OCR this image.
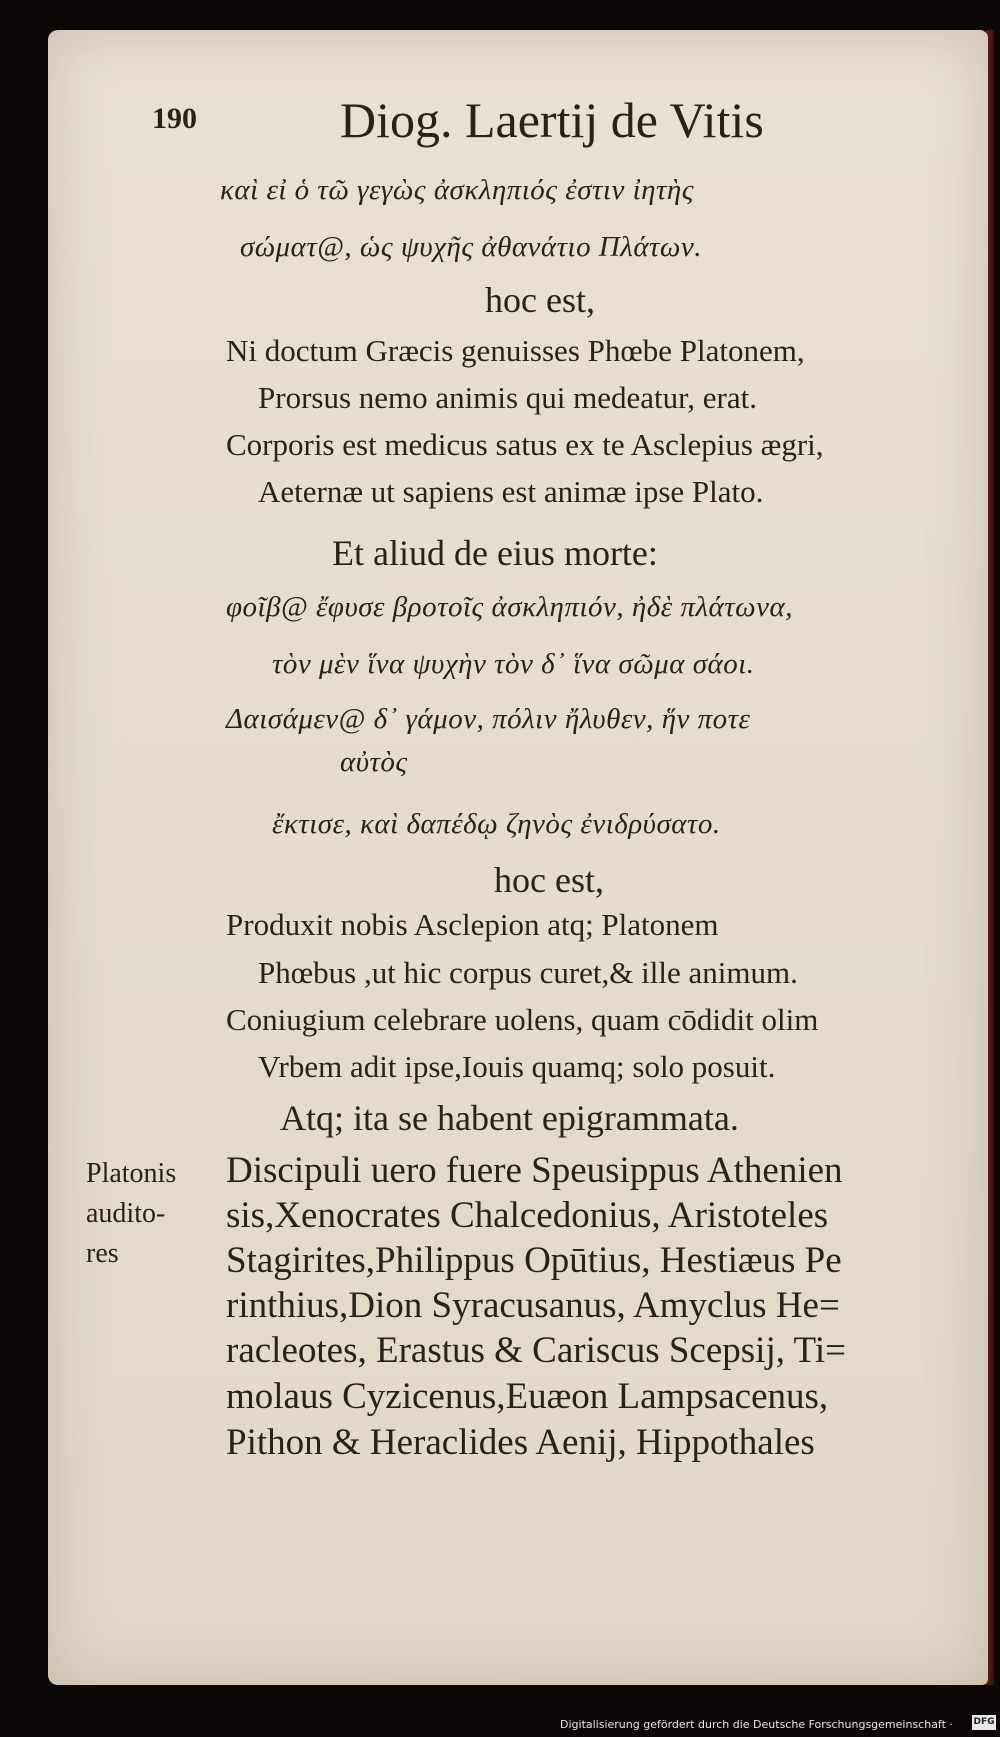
190	Diog. Laertij de Vitis
καὶ εἰ ὁ τῶ γεγὼς ἀσκληπιός ἐστιν ἰητὴς
σώματ@, ὡς ψυχῆς ἀθανάτιο Πλάτων.
hoc est,
Ni doctum Græcis genuisses Phœbe Platonem,
Prorsus nemo animis qui medeatur, erat.
Corporis est medicus satus ex te Asclepius ægri,
Aeternæ ut sapiens est animæ ipse Plato.
Et aliud de eius morte:
φοῖβ@ ἔφυσε βροτοῖς ἀσκληπιόν, ἠδὲ πλάτωνα,
τὸν μὲν ἵνα ψυχὴν τὸν δ᾽ ἵνα σῶμα σάοι.
Δαισάμεν@ δ᾽ γάμον, πόλιν ἤλυθεν, ἥν ποτε
αὐτὸς
ἔκτισε, καὶ δαπέδῳ ζηνὸς ἐνιδρύσατο.
hoc est,
Produxit nobis Asclepion atq; Platonem
Phœbus ,ut hic corpus curet,& ille animum.
Coniugium celebrare uolens, quam cōdidit olim
Vrbem adit ipse,Iouis quamq; solo posuit.
Atq; ita se habent epigrammata.
Platonis
audito-
res
Discipuli uero fuere Speusippus Athenien
sis,Xenocrates Chalcedonius, Aristoteles
Stagirites,Philippus Opūtius, Hestiæus Pe
rinthius,Dion Syracusanus, Amyclus He=
racleotes, Erastus & Cariscus Scepsij, Ti=
molaus Cyzicenus,Euæon Lampsacenus,
Pithon & Heraclides Aenij, Hippothales
Digitalisierung gefördert durch die Deutsche Forschungsgemeinschaft · DFG
